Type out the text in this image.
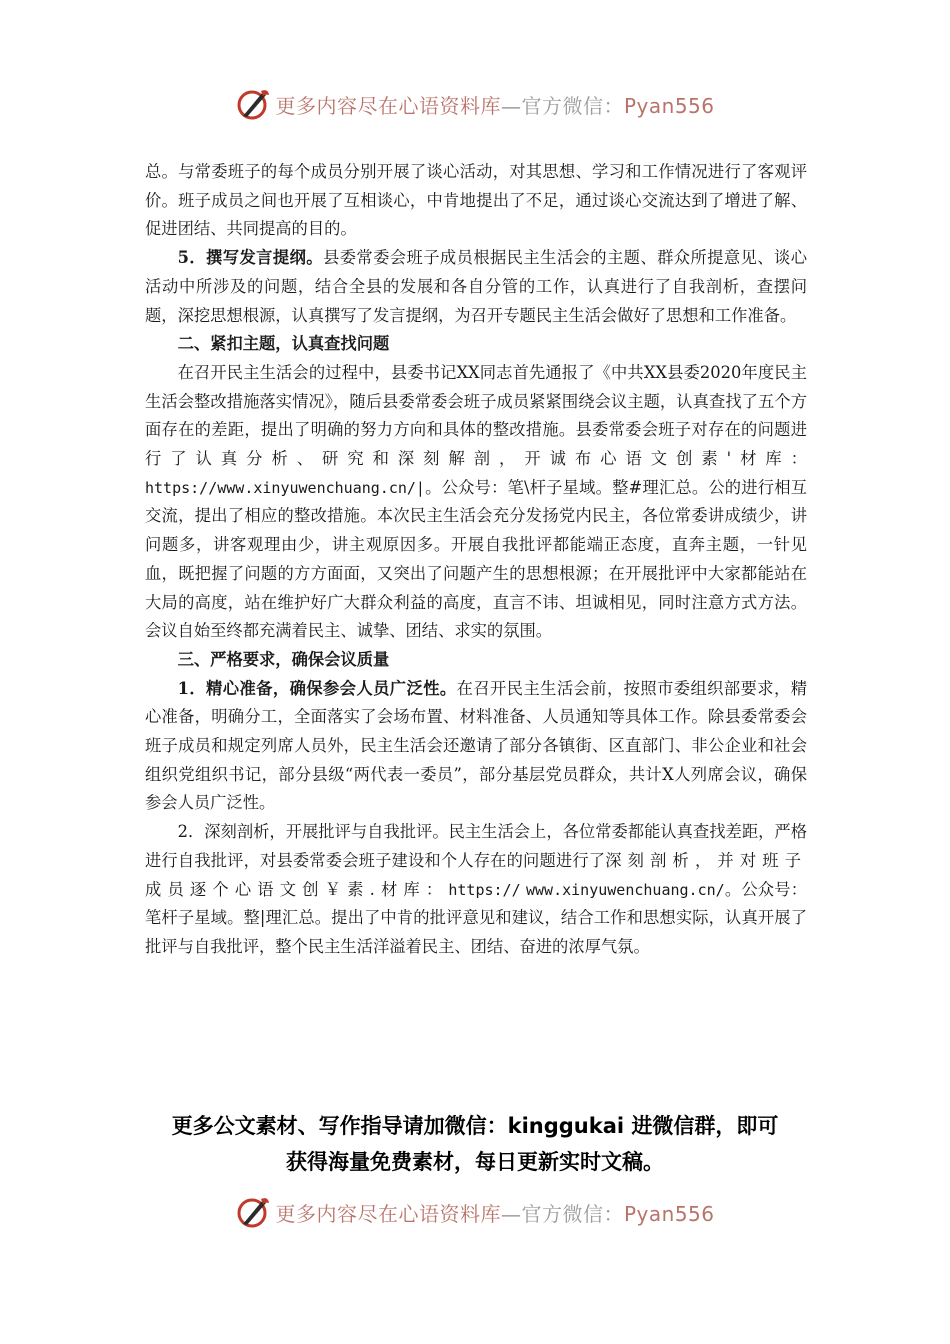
更多内容尽在心语资料库—官方微信：Pyan556

总。与常委班子的每个成员分别开展了谈心活动，对其思想、学习和工作情况进行了客观评价。班子成员之间也开展了互相谈心，中肯地提出了不足，通过谈心交流达到了增进了解、促进团结、共同提高的目的。

5．撰写发言提纲。县委常委会班子成员根据民主生活会的主题、群众所提意见、谈心活动中所涉及的问题，结合全县的发展和各自分管的工作，认真进行了自我剖析，查摆问题，深挖思想根源，认真撰写了发言提纲，为召开专题民主生活会做好了思想和工作准备。

二、紧扣主题，认真查找问题

在召开民主生活会的过程中，县委书记XX同志首先通报了《中共XX县委2020年度民主生活会整改措施落实情况》，随后县委常委会班子成员紧紧围绕会议主题，认真查找了五个方面存在的差距，提出了明确的努力方向和具体的整改措施。县委常委会班子对存在的问题进行了认真分析、研究和深刻解剖，开诚布心语文创素'材库：https://www.xinyuwenchuang.cn/|。公众号：笔\杆子星域。整#理汇总。公的进行相互交流，提出了相应的整改措施。本次民主生活会充分发扬党内民主，各位常委讲成绩少，讲问题多，讲客观理由少，讲主观原因多。开展自我批评都能端正态度，直奔主题，一针见血，既把握了问题的方方面面，又突出了问题产生的思想根源；在开展批评中大家都能站在大局的高度，站在维护好广大群众利益的高度，直言不讳、坦诚相见，同时注意方式方法。会议自始至终都充满着民主、诚挚、团结、求实的氛围。

三、严格要求，确保会议质量

1．精心准备，确保参会人员广泛性。在召开民主生活会前，按照市委组织部要求，精心准备，明确分工，全面落实了会场布置、材料准备、人员通知等具体工作。除县委常委会班子成员和规定列席人员外，民主生活会还邀请了部分各镇街、区直部门、非公企业和社会组织党组织书记，部分县级“两代表一委员”，部分基层党员群众，共计X人列席会议，确保参会人员广泛性。

2．深刻剖析，开展批评与自我批评。民主生活会上，各位常委都能认真查找差距，严格进行自我批评，对县委常委会班子建设和个人存在的问题进行了深刻剖析，并对班子成员逐个心语文创￥素.材库：https:// www.xinyuwenchuang.cn/。公众号：笔杆子星域。整|理汇总。提出了中肯的批评意见和建议，结合工作和思想实际，认真开展了批评与自我批评，整个民主生活洋溢着民主、团结、奋进的浓厚气氛。

更多公文素材、写作指导请加微信：kinggukai 进微信群，即可
获得海量免费素材，每日更新实时文稿。
更多内容尽在心语资料库—官方微信：Pyan556
